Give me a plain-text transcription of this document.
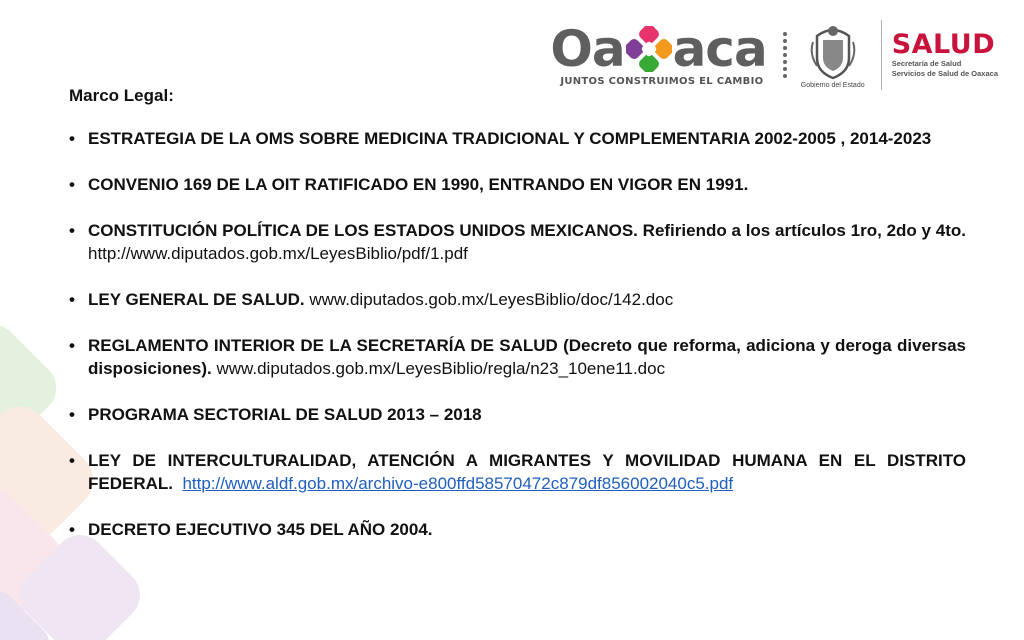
Oa aca
JUNTOS CONSTRUIMOS EL CAMBIO	Gobierno del Estado
SALUD
Secretaría de Salud
Servicios de Salud de Oaxaca

Marco Legal:

• ESTRATEGIA DE LA OMS SOBRE MEDICINA TRADICIONAL Y COMPLEMENTARIA 2002-2005 , 2014-2023
• CONVENIO 169 DE LA OIT RATIFICADO EN 1990, ENTRANDO EN VIGOR EN 1991.
• CONSTITUCIÓN POLÍTICA DE LOS ESTADOS UNIDOS MEXICANOS. Refiriendo a los artículos 1ro, 2do y 4to. http://www.diputados.gob.mx/LeyesBiblio/pdf/1.pdf
• LEY GENERAL DE SALUD. www.diputados.gob.mx/LeyesBiblio/doc/142.doc
• REGLAMENTO INTERIOR DE LA SECRETARÍA DE SALUD (Decreto que reforma, adiciona y deroga diversas disposiciones). www.diputados.gob.mx/LeyesBiblio/regla/n23_10ene11.doc
• PROGRAMA SECTORIAL DE SALUD 2013 – 2018
• LEY DE INTERCULTURALIDAD, ATENCIÓN A MIGRANTES Y MOVILIDAD HUMANA EN EL DISTRITO FEDERAL. http://www.aldf.gob.mx/archivo-e800ffd58570472c879df856002040c5.pdf
• DECRETO EJECUTIVO 345 DEL AÑO 2004.
